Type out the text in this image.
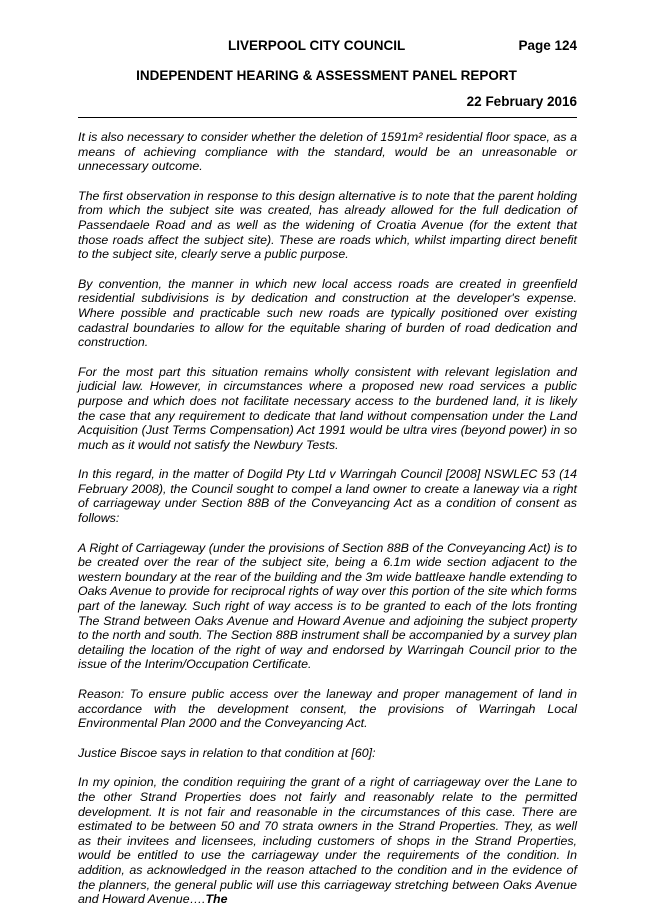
LIVERPOOL CITY COUNCIL	Page 124
INDEPENDENT HEARING & ASSESSMENT PANEL REPORT
22 February 2016

It is also necessary to consider whether the deletion of 1591m² residential floor space, as a means of achieving compliance with the standard, would be an unreasonable or unnecessary outcome.

The first observation in response to this design alternative is to note that the parent holding from which the subject site was created, has already allowed for the full dedication of Passendaele Road and as well as the widening of Croatia Avenue (for the extent that those roads affect the subject site). These are roads which, whilst imparting direct benefit to the subject site, clearly serve a public purpose.

By convention, the manner in which new local access roads are created in greenfield residential subdivisions is by dedication and construction at the developer's expense. Where possible and practicable such new roads are typically positioned over existing cadastral boundaries to allow for the equitable sharing of burden of road dedication and construction.

For the most part this situation remains wholly consistent with relevant legislation and judicial law. However, in circumstances where a proposed new road services a public purpose and which does not facilitate necessary access to the burdened land, it is likely the case that any requirement to dedicate that land without compensation under the Land Acquisition (Just Terms Compensation) Act 1991 would be ultra vires (beyond power) in so much as it would not satisfy the Newbury Tests.

In this regard, in the matter of Dogild Pty Ltd v Warringah Council [2008] NSWLEC 53 (14 February 2008), the Council sought to compel a land owner to create a laneway via a right of carriageway under Section 88B of the Conveyancing Act as a condition of consent as follows:

A Right of Carriageway (under the provisions of Section 88B of the Conveyancing Act) is to be created over the rear of the subject site, being a 6.1m wide section adjacent to the western boundary at the rear of the building and the 3m wide battleaxe handle extending to Oaks Avenue to provide for reciprocal rights of way over this portion of the site which forms part of the laneway. Such right of way access is to be granted to each of the lots fronting The Strand between Oaks Avenue and Howard Avenue and adjoining the subject property to the north and south. The Section 88B instrument shall be accompanied by a survey plan detailing the location of the right of way and endorsed by Warringah Council prior to the issue of the Interim/Occupation Certificate.

Reason: To ensure public access over the laneway and proper management of land in accordance with the development consent, the provisions of Warringah Local Environmental Plan 2000 and the Conveyancing Act.

Justice Biscoe says in relation to that condition at [60]:

In my opinion, the condition requiring the grant of a right of carriageway over the Lane to the other Strand Properties does not fairly and reasonably relate to the permitted development. It is not fair and reasonable in the circumstances of this case. There are estimated to be between 50 and 70 strata owners in the Strand Properties. They, as well as their invitees and licensees, including customers of shops in the Strand Properties, would be entitled to use the carriageway under the requirements of the condition. In addition, as acknowledged in the reason attached to the condition and in the evidence of the planners, the general public will use this carriageway stretching between Oaks Avenue and Howard Avenue….The
